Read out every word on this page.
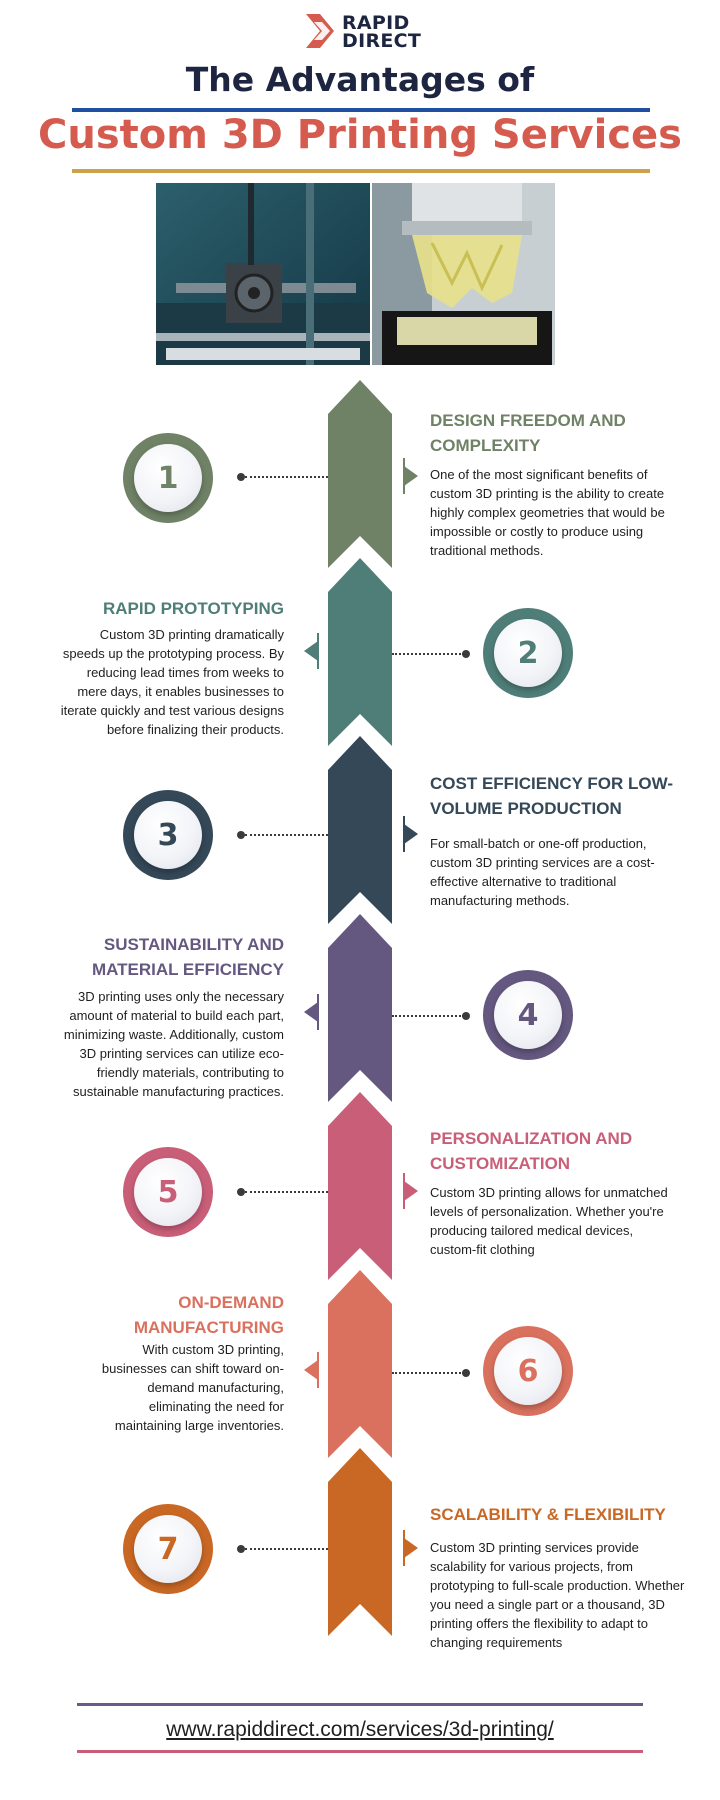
RAPID
DIRECT
The Advantages of
Custom 3D Printing Services
1
DESIGN FREEDOM AND COMPLEXITY
One of the most significant benefits of custom 3D printing is the ability to create highly complex geometries that would be impossible or costly to produce using traditional methods.
RAPID PROTOTYPING
Custom 3D printing dramatically speeds up the prototyping process. By reducing lead times from weeks to mere days, it enables businesses to iterate quickly and test various designs before finalizing their products.
2
3
COST EFFICIENCY FOR LOW-VOLUME PRODUCTION
For small-batch or one-off production, custom 3D printing services are a cost-effective alternative to traditional manufacturing methods.
SUSTAINABILITY AND MATERIAL EFFICIENCY
3D printing uses only the necessary amount of material to build each part, minimizing waste. Additionally, custom 3D printing services can utilize eco-friendly materials, contributing to sustainable manufacturing practices.
4
5
PERSONALIZATION AND CUSTOMIZATION
Custom 3D printing allows for unmatched levels of personalization. Whether you're producing tailored medical devices, custom-fit clothing
ON-DEMAND MANUFACTURING
With custom 3D printing, businesses can shift toward on-demand manufacturing, eliminating the need for maintaining large inventories.
6
7
SCALABILITY & FLEXIBILITY
Custom 3D printing services provide scalability for various projects, from prototyping to full-scale production. Whether you need a single part or a thousand, 3D printing offers the flexibility to adapt to changing requirements
www.rapiddirect.com/services/3d-printing/
